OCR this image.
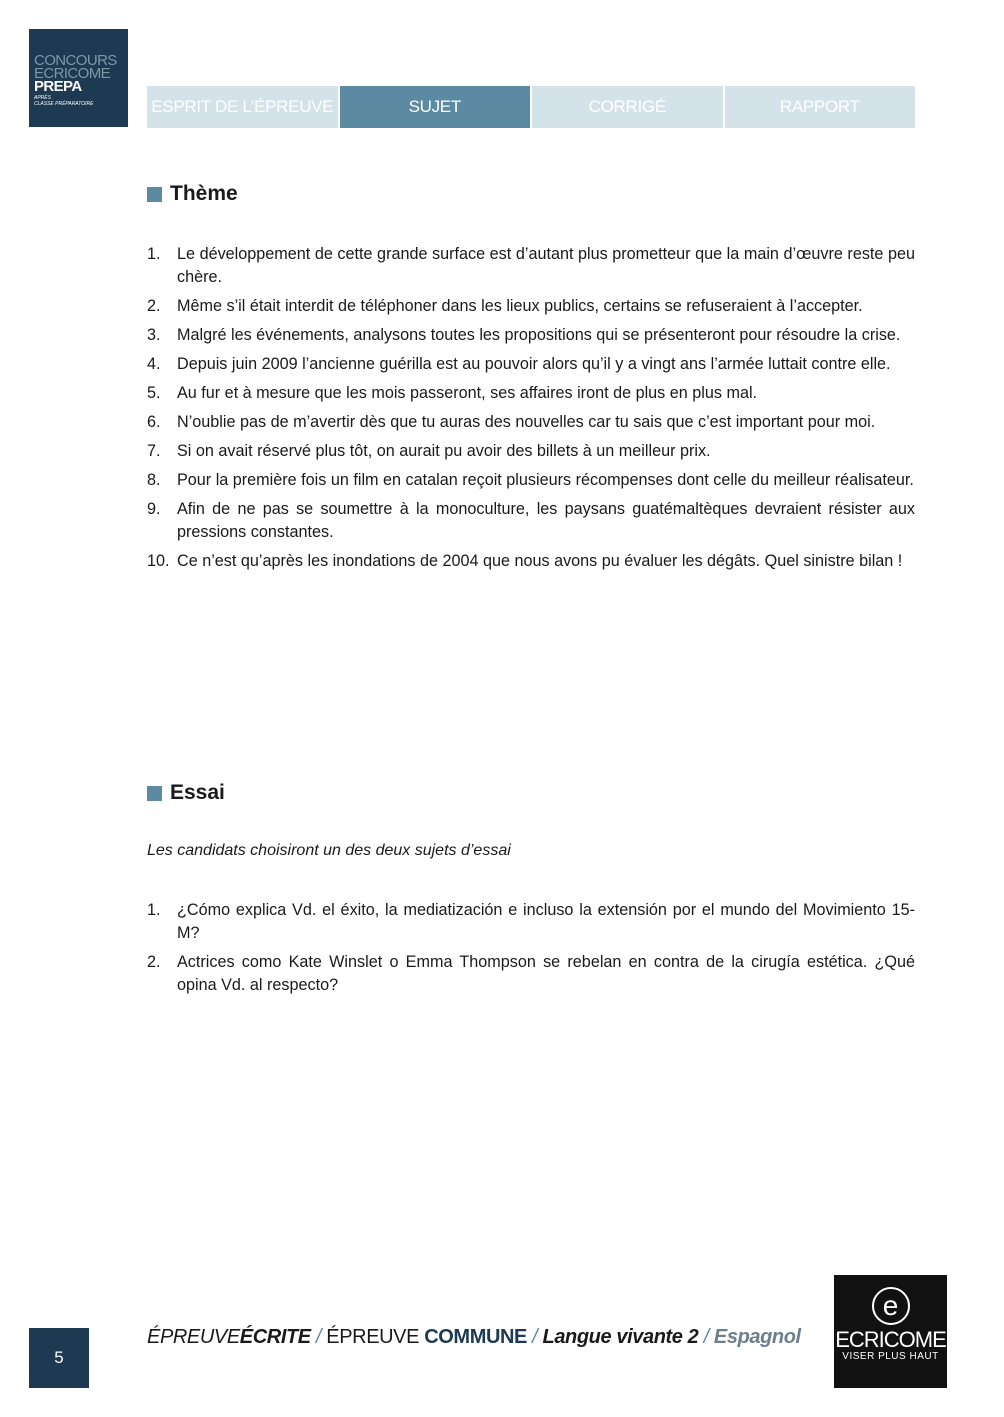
CONCOURS
ECRICOME
PREPA
APRÈS
CLASSE PRÉPARATOIRE	ESPRIT DE L’ÉPREUVE	SUJET	CORRIGÉ	RAPPORT
Thème
1.	Le développement de cette grande surface est d’autant plus prometteur que la main d’œuvre reste peu chère.
2.	Même s’il était interdit de téléphoner dans les lieux publics, certains se refuseraient à l’accepter.
3.	Malgré les événements, analysons toutes les propositions qui se présenteront pour résoudre la crise.
4.	Depuis juin 2009 l’ancienne guérilla est au pouvoir alors qu’il y a vingt ans l’armée luttait contre elle.
5.	Au fur et à mesure que les mois passeront, ses affaires iront de plus en plus mal.
6.	N’oublie pas de m’avertir dès que tu auras des nouvelles car tu sais que c’est important pour moi.
7.	Si on avait réservé plus tôt, on aurait pu avoir des billets à un meilleur prix.
8.	Pour la première fois un film en catalan reçoit plusieurs récompenses dont celle du meilleur réalisateur.
9.	Afin de ne pas se soumettre à la monoculture, les paysans guatémaltèques devraient résister aux pressions constantes.
10. Ce n’est qu’après les inondations de 2004 que nous avons pu évaluer les dégâts. Quel sinistre bilan !
Essai
Les candidats choisiront un des deux sujets d’essai
1.	¿Cómo explica Vd. el éxito, la mediatización e incluso la extensión por el mundo del Movimiento 15-M?
2.	Actrices como Kate Winslet o Emma Thompson se rebelan en contra de la cirugía estética. ¿Qué opina Vd. al respecto?
5
ÉPREUVEÉCRITE / ÉPREUVE COMMUNE / Langue vivante 2 / Espagnol
e
ECRICOME
VISER PLUS HAUT
